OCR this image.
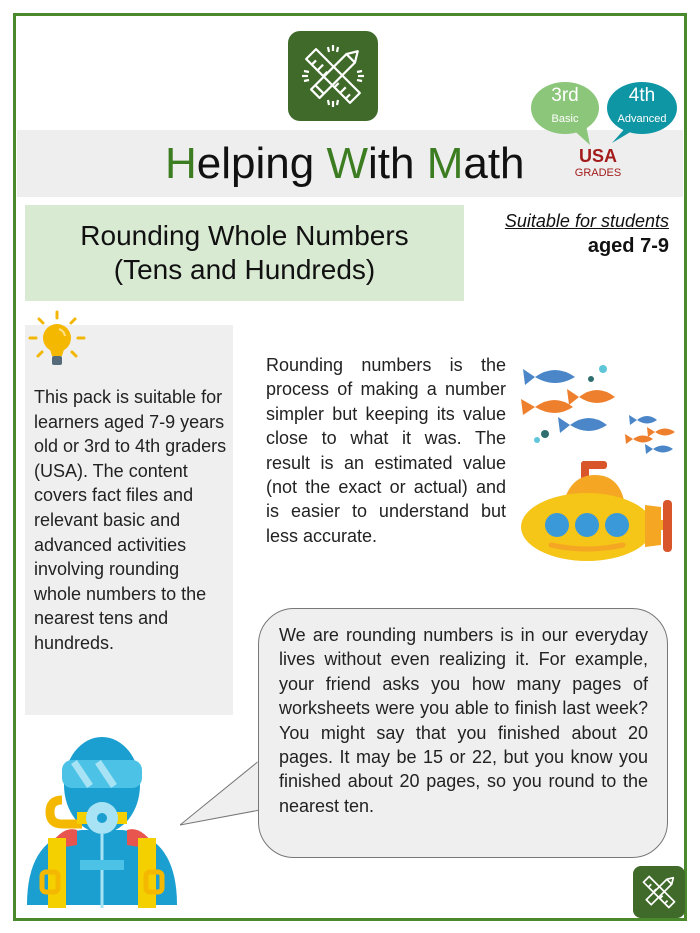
Helping With Math
3rd
Basic
4th
Advanced
USA
GRADES
Rounding Whole Numbers
(Tens and Hundreds)
Suitable for students
aged 7-9

This pack is suitable for learners aged 7-9 years old or 3rd to 4th graders (USA). The content covers fact files and relevant basic and advanced activities involving rounding whole numbers to the nearest tens and hundreds.

Rounding numbers is the process of making a number simpler but keeping its value close to what it was. The result is an estimated value (not the exact or actual) and is easier to understand but less accurate.

We are rounding numbers is in our everyday lives without even realizing it. For example, your friend asks you how many pages of worksheets were you able to finish last week? You might say that you finished about 20 pages. It may be 15 or 22, but you know you finished about 20 pages, so you round to the nearest ten.
